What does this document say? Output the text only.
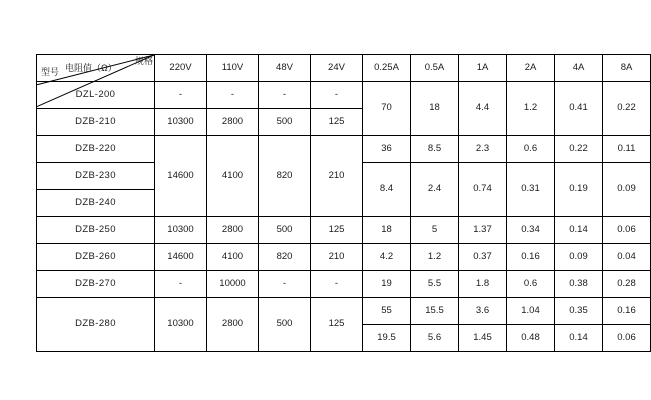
规格
电阻值（Ω）
型号	220V	110V	48V	24V	0.25A	0.5A	1A	2A	4A	8A

DZL-200	-	-	-	-	70	18	4.4	1.2	0.41	0.22
DZB-210	10300	2800	500	125						
DZB-220	14600	4100	820	210	36	8.5	2.3	0.6	0.22	0.11
DZB-230					8.4	2.4	0.74	0.31	0.19	0.09
DZB-240										
DZB-250	10300	2800	500	125	18	5	1.37	0.34	0.14	0.06
DZB-260	14600	4100	820	210	4.2	1.2	0.37	0.16	0.09	0.04
DZB-270	-	10000	-	-	19	5.5	1.8	0.6	0.38	0.28
DZB-280	10300	2800	500	125	55	15.5	3.6	1.04	0.35	0.16
					19.5	5.6	1.45	0.48	0.14	0.06
